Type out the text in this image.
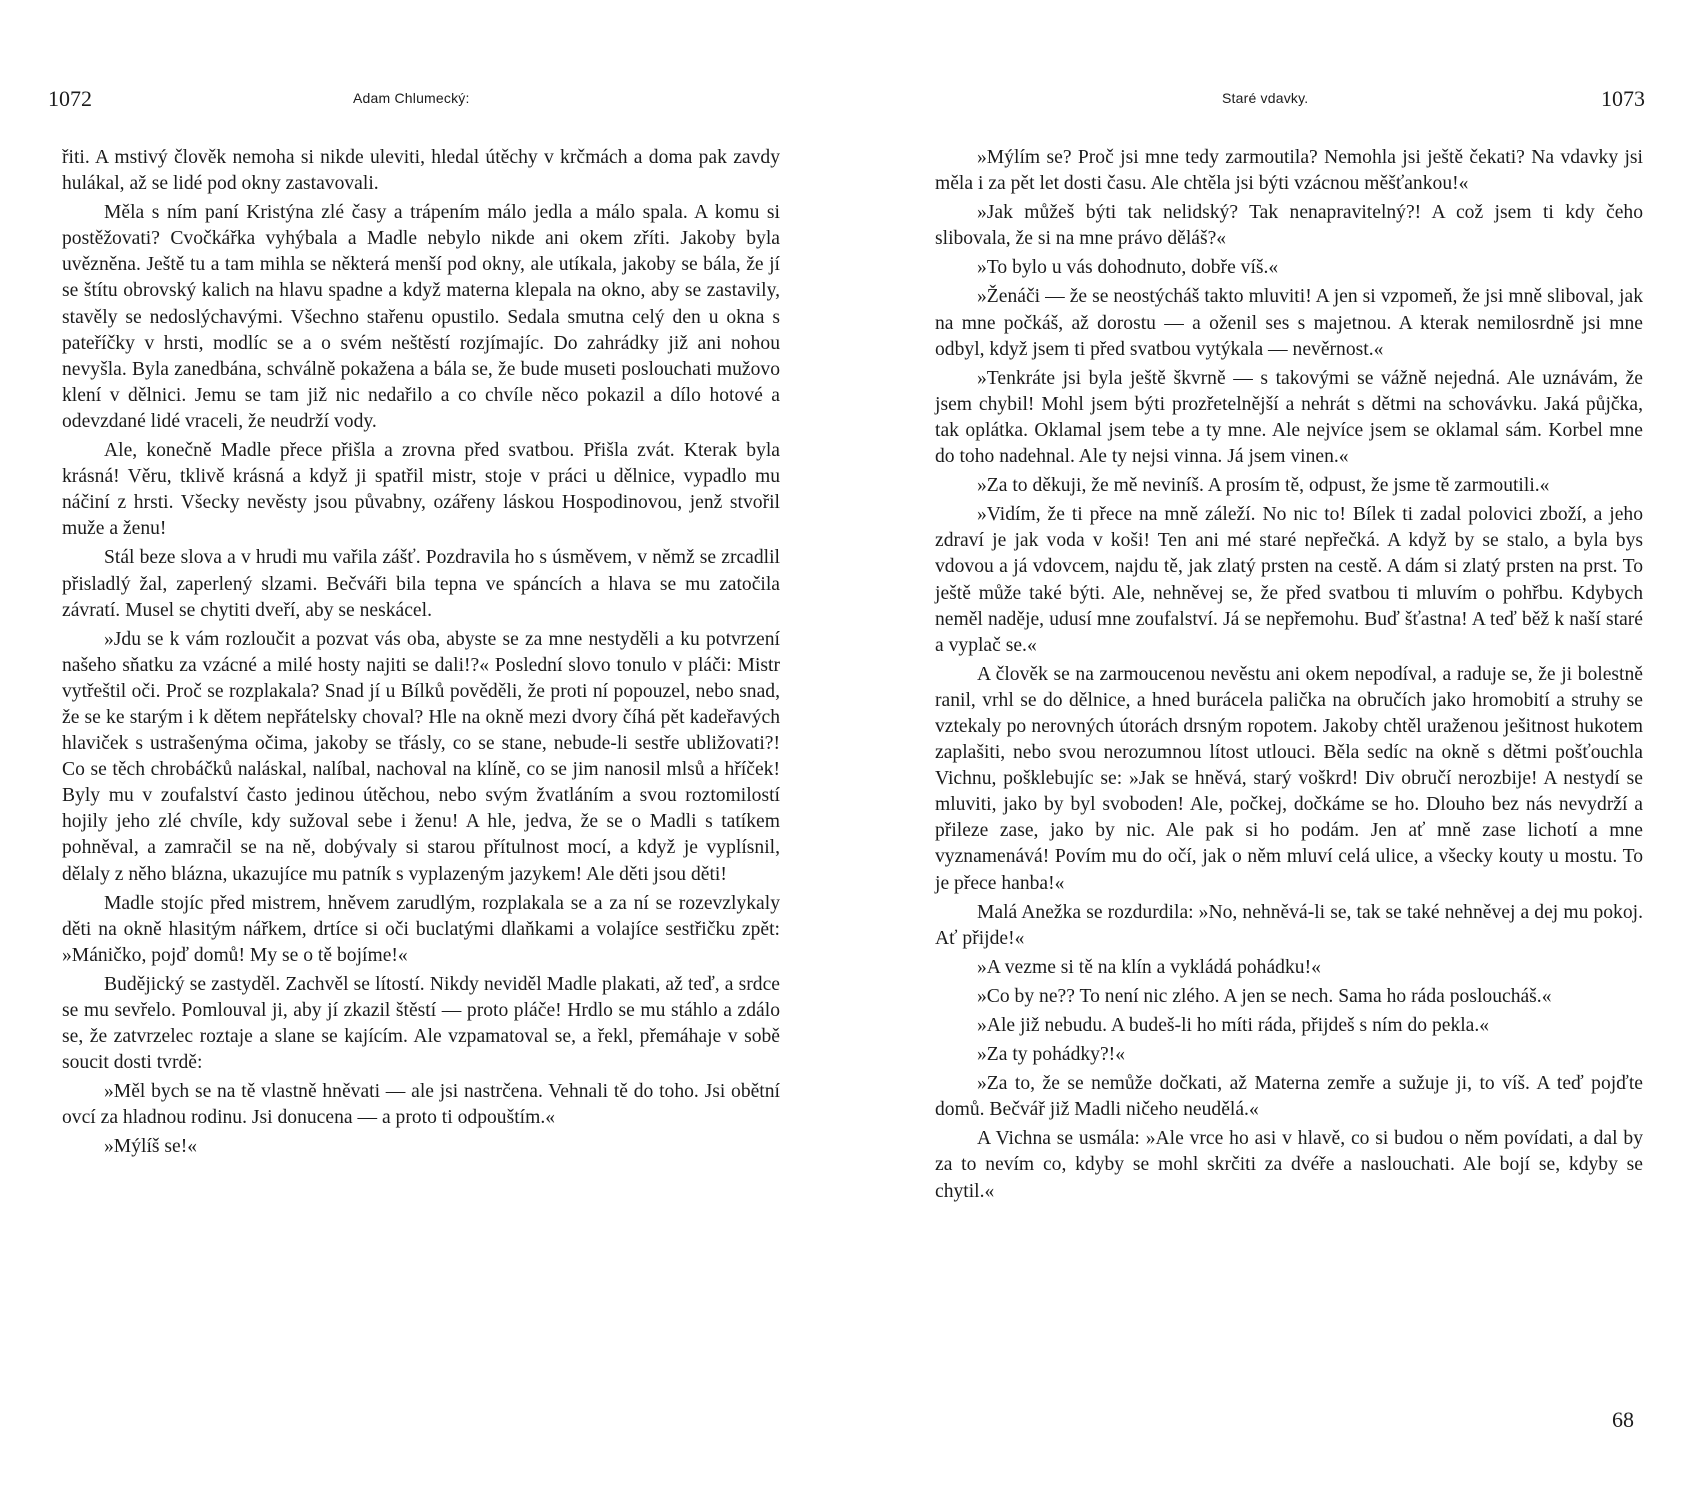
1072	Adam Chlumecký:

řiti. A mstivý člověk nemoha si nikde uleviti, hledal útěchy v krčmách a doma pak zavdy hulákal, až se lidé pod okny zastavovali.

Měla s ním paní Kristýna zlé časy a trápením málo jedla a málo spala. A komu si postěžovati? Cvočkářka vyhýbala a Madle nebylo nikde ani okem zříti. Jakoby byla uvězněna. Ještě tu a tam mihla se některá menší pod okny, ale utíkala, jakoby se bála, že jí se štítu obrovský kalich na hlavu spadne a když materna klepala na okno, aby se zastavily, stavěly se nedoslýchavými. Všechno stařenu opustilo. Sedala smutna celý den u okna s pateříčky v hrsti, modlíc se a o svém neštěstí rozjímajíc. Do zahrádky již ani nohou nevyšla. Byla zanedbána, schválně pokažena a bála se, že bude museti poslouchati mužovo klení v dělnici. Jemu se tam již nic nedařilo a co chvíle něco pokazil a dílo hotové a odevzdané lidé vraceli, že neudrží vody.

Ale, konečně Madle přece přišla a zrovna před svatbou. Přišla zvát. Kterak byla krásná! Věru, tklivě krásná a když ji spatřil mistr, stoje v práci u dělnice, vypadlo mu náčiní z hrsti. Všecky nevěsty jsou půvabny, ozářeny láskou Hospodinovou, jenž stvořil muže a ženu!

Stál beze slova a v hrudi mu vařila zášť. Pozdravila ho s úsměvem, v němž se zrcadlil přisladlý žal, zaperlený slzami. Bečváři bila tepna ve spáncích a hlava se mu zatočila závratí. Musel se chytiti dveří, aby se neskácel.

»Jdu se k vám rozloučit a pozvat vás oba, abyste se za mne nestyděli a ku potvrzení našeho sňatku za vzácné a milé hosty najiti se dali!?« Poslední slovo tonulo v pláči: Mistr vytřeštil oči. Proč se rozplakala? Snad jí u Bílků pověděli, že proti ní popouzel, nebo snad, že se ke starým i k dětem nepřátelsky choval? Hle na okně mezi dvory číhá pět kadeřavých hlaviček s ustrašenýma očima, jakoby se třásly, co se stane, nebude-li sestře ubližovati?! Co se těch chrobáčků naláskal, nalíbal, nachoval na klíně, co se jim nanosil mlsů a hříček! Byly mu v zoufalství často jedinou útěchou, nebo svým žvatláním a svou roztomilostí hojily jeho zlé chvíle, kdy sužoval sebe i ženu! A hle, jedva, že se o Madli s tatíkem pohněval, a zamračil se na ně, dobývaly si starou přítulnost mocí, a když je vyplísnil, dělaly z něho blázna, ukazujíce mu patník s vyplazeným jazykem! Ale děti jsou děti!

Madle stojíc před mistrem, hněvem zarudlým, rozplakala se a za ní se rozevzlykaly děti na okně hlasitým nářkem, drtíce si oči buclatými dlaňkami a volajíce sestřičku zpět: »Máničko, pojď domů! My se o tě bojíme!«

Budějický se zastyděl. Zachvěl se lítostí. Nikdy neviděl Madle plakati, až teď, a srdce se mu sevřelo. Pomlouval ji, aby jí zkazil štěstí — proto pláče! Hrdlo se mu stáhlo a zdálo se, že zatvrzelec roztaje a slane se kajícím. Ale vzpamatoval se, a řekl, přemáhaje v sobě soucit dosti tvrdě:

»Měl bych se na tě vlastně hněvati — ale jsi nastrčena. Vehnali tě do toho. Jsi obětní ovcí za hladnou rodinu. Jsi donucena — a proto ti odpouštím.«

»Mýlíš se!«

Staré vdavky.	1073

»Mýlím se? Proč jsi mne tedy zarmoutila? Nemohla jsi ještě čekati? Na vdavky jsi měla i za pět let dosti času. Ale chtěla jsi býti vzácnou měšťankou!«

»Jak můžeš býti tak nelidský? Tak nenapravitelný?! A což jsem ti kdy čeho slibovala, že si na mne právo děláš?«

»To bylo u vás dohodnuto, dobře víš.«

»Ženáči — že se neostýcháš takto mluviti! A jen si vzpomeň, že jsi mně sliboval, jak na mne počkáš, až dorostu — a oženil ses s majetnou. A kterak nemilosrdně jsi mne odbyl, když jsem ti před svatbou vytýkala — nevěrnost.«

»Tenkráte jsi byla ještě škvrně — s takovými se vážně nejedná. Ale uznávám, že jsem chybil! Mohl jsem býti prozřetelnější a nehrát s dětmi na schovávku. Jaká půjčka, tak oplátka. Oklamal jsem tebe a ty mne. Ale nejvíce jsem se oklamal sám. Korbel mne do toho nadehnal. Ale ty nejsi vinna. Já jsem vinen.«

»Za to děkuji, že mě neviníš. A prosím tě, odpust, že jsme tě zarmoutili.«

»Vidím, že ti přece na mně záleží. No nic to! Bílek ti zadal polovici zboží, a jeho zdraví je jak voda v koši! Ten ani mé staré nepřečká. A když by se stalo, a byla bys vdovou a já vdovcem, najdu tě, jak zlatý prsten na cestě. A dám si zlatý prsten na prst. To ještě může také býti. Ale, nehněvej se, že před svatbou ti mluvím o pohřbu. Kdybych neměl naděje, udusí mne zoufalství. Já se nepřemohu. Buď šťastna! A teď běž k naší staré a vyplač se.«

A člověk se na zarmoucenou nevěstu ani okem nepodíval, a raduje se, že ji bolestně ranil, vrhl se do dělnice, a hned burácela palička na obručích jako hromobití a struhy se vztekaly po nerovných útorách drsným ropotem. Jakoby chtěl uraženou ješitnost hukotem zaplašiti, nebo svou nerozumnou lítost utlouci. Běla sedíc na okně s dětmi pošťouchla Vichnu, pošklebujíc se: »Jak se hněvá, starý voškrd! Div obručí nerozbije! A nestydí se mluviti, jako by byl svoboden! Ale, počkej, dočkáme se ho. Dlouho bez nás nevydrží a přileze zase, jako by nic. Ale pak si ho podám. Jen ať mně zase lichotí a mne vyznamenává! Povím mu do očí, jak o něm mluví celá ulice, a všecky kouty u mostu. To je přece hanba!«

Malá Anežka se rozdurdila: »No, nehněvá-li se, tak se také nehněvej a dej mu pokoj. Ať přijde!«

»A vezme si tě na klín a vykládá pohádku!«

»Co by ne?? To není nic zlého. A jen se nech. Sama ho ráda posloucháš.«

»Ale již nebudu. A budeš-li ho míti ráda, přijdeš s ním do pekla.«

»Za ty pohádky?!«

»Za to, že se nemůže dočkati, až Materna zemře a sužuje ji, to víš. A teď pojďte domů. Bečvář již Madli ničeho neudělá.«

A Vichna se usmála: »Ale vrce ho asi v hlavě, co si budou o něm povídati, a dal by za to nevím co, kdyby se mohl skrčiti za dvéře a naslouchati. Ale bojí se, kdyby se chytil.«

68
